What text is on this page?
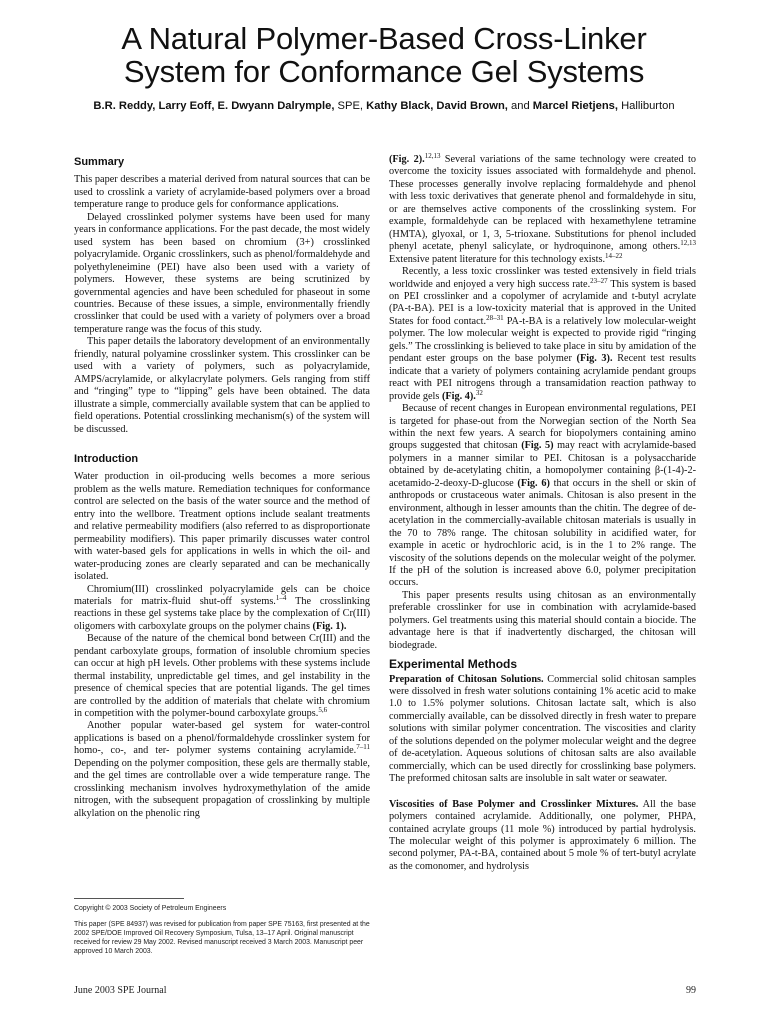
A Natural Polymer-Based Cross-Linker
System for Conformance Gel Systems
B.R. Reddy, Larry Eoff, E. Dwyann Dalrymple, SPE, Kathy Black, David Brown, and Marcel Rietjens, Halliburton
Summary

This paper describes a material derived from natural sources that can be used to crosslink a variety of acrylamide-based polymers over a broad temperature range to produce gels for conformance applications.

Delayed crosslinked polymer systems have been used for many years in conformance applications. For the past decade, the most widely used system has been based on chromium (3+) crosslinked polyacrylamide. Organic crosslinkers, such as phenol/formaldehyde and polyethyleneimine (PEI) have also been used with a variety of polymers. However, these systems are being scrutinized by governmental agencies and have been scheduled for phaseout in some countries. Because of these issues, a simple, environmentally friendly crosslinker that could be used with a variety of polymers over a broad temperature range was the focus of this study.

This paper details the laboratory development of an environmentally friendly, natural polyamine crosslinker system. This crosslinker can be used with a variety of polymers, such as polyacrylamide, AMPS/acrylamide, or alkylacrylate polymers. Gels ranging from stiff and “ringing” type to “lipping” gels have been obtained. The data illustrate a simple, commercially available system that can be applied to field operations. Potential crosslinking mechanism(s) of the system will be discussed.

Introduction

Water production in oil-producing wells becomes a more serious problem as the wells mature. Remediation techniques for conformance control are selected on the basis of the water source and the method of entry into the wellbore. Treatment options include sealant treatments and relative permeability modifiers (also referred to as disproportionate permeability modifiers). This paper primarily discusses water control with water-based gels for applications in wells in which the oil- and water-producing zones are clearly separated and can be mechanically isolated.

Chromium(III) crosslinked polyacrylamide gels can be choice materials for matrix-fluid shut-off systems.$^{1-4}$ The crosslinking reactions in these gel systems take place by the complexation of Cr(III) oligomers with carboxylate groups on the polymer chains (Fig. 1).

Because of the nature of the chemical bond between Cr(III) and the pendant carboxylate groups, formation of insoluble chromium species can occur at high pH levels. Other problems with these systems include thermal instability, unpredictable gel times, and gel instability in the presence of chemical species that are potential ligands. The gel times are controlled by the addition of materials that chelate with chromium in competition with the polymer-bound carboxylate groups.$^{5,6}$

Another popular water-based gel system for water-control applications is based on a phenol/formaldehyde crosslinker system for homo-, co-, and ter- polymer systems containing acrylamide.$^{7-11}$ Depending on the polymer composition, these gels are thermally stable, and the gel times are controllable over a wide temperature range. The crosslinking mechanism involves hydroxymethylation of the amide nitrogen, with the subsequent propagation of crosslinking by multiple alkylation on the phenolic ring

(Fig. 2).$^{12,13}$ Several variations of the same technology were created to overcome the toxicity issues associated with formaldehyde and phenol. These processes generally involve replacing formaldehyde and phenol with less toxic derivatives that generate phenol and formaldehyde in situ, or are themselves active components of the crosslinking system. For example, formaldehyde can be replaced with hexamethylene tetramine (HMTA), glyoxal, or 1, 3, 5-trioxane. Substitutions for phenol included phenyl acetate, phenyl salicylate, or hydroquinone, among others.$^{12,13}$ Extensive patent literature for this technology exists.$^{14-22}$

Recently, a less toxic crosslinker was tested extensively in field trials worldwide and enjoyed a very high success rate.$^{23-27}$ This system is based on PEI crosslinker and a copolymer of acrylamide and t-butyl acrylate (PA-t-BA). PEI is a low-toxicity material that is approved in the United States for food contact.$^{28-31}$ PA-t-BA is a relatively low molecular-weight polymer. The low molecular weight is expected to provide rigid “ringing gels.” The crosslinking is believed to take place in situ by amidation of the pendant ester groups on the base polymer (Fig. 3). Recent test results indicate that a variety of polymers containing acrylamide pendant groups react with PEI nitrogens through a transamidation reaction pathway to provide gels (Fig. 4).$^{32}$

Because of recent changes in European environmental regulations, PEI is targeted for phase-out from the Norwegian section of the North Sea within the next few years. A search for biopolymers containing amino groups suggested that chitosan (Fig. 5) may react with acrylamide-based polymers in a manner similar to PEI. Chitosan is a polysaccharide obtained by de-acetylating chitin, a homopolymer containing β-(1-4)-2-acetamido-2-deoxy-D-glucose (Fig. 6) that occurs in the shell or skin of anthropods or crustaceous water animals. Chitosan is also present in the environment, although in lesser amounts than the chitin. The degree of de-acetylation in the commercially-available chitosan materials is usually in the 70 to 78% range. The chitosan solubility in acidified water, for example in acetic or hydrochloric acid, is in the 1 to 2% range. The viscosity of the solutions depends on the molecular weight of the polymer. If the pH of the solution is increased above 6.0, polymer precipitation occurs.

This paper presents results using chitosan as an environmentally preferable crosslinker for use in combination with acrylamide-based polymers. Gel treatments using this material should contain a biocide. The advantage here is that if inadvertently discharged, the chitosan will biodegrade.

Experimental Methods

Preparation of Chitosan Solutions. Commercial solid chitosan samples were dissolved in fresh water solutions containing 1% acetic acid to make 1.0 to 1.5% polymer solutions. Chitosan lactate salt, which is also commercially available, can be dissolved directly in fresh water to prepare solutions with similar polymer concentration. The viscosities and clarity of the solutions depended on the polymer molecular weight and the degree of de-acetylation. Aqueous solutions of chitosan salts are also available commercially, which can be used directly for crosslinking base polymers. The preformed chitosan salts are insoluble in salt water or seawater.

Viscosities of Base Polymer and Crosslinker Mixtures. All the base polymers contained acrylamide. Additionally, one polymer, PHPA, contained acrylate groups (11 mole %) introduced by partial hydrolysis. The molecular weight of this polymer is approximately 6 million. The second polymer, PA-t-BA, contained about 5 mole % of tert-butyl acrylate as the comonomer, and hydrolysis

Copyright © 2003 Society of Petroleum Engineers
This paper (SPE 84937) was revised for publication from paper SPE 75163, first presented at the 2002 SPE/DOE Improved Oil Recovery Symposium, Tulsa, 13–17 April. Original manuscript received for review 29 May 2002. Revised manuscript received 3 March 2003. Manuscript peer approved 10 March 2003.
June 2003 SPE Journal	99
